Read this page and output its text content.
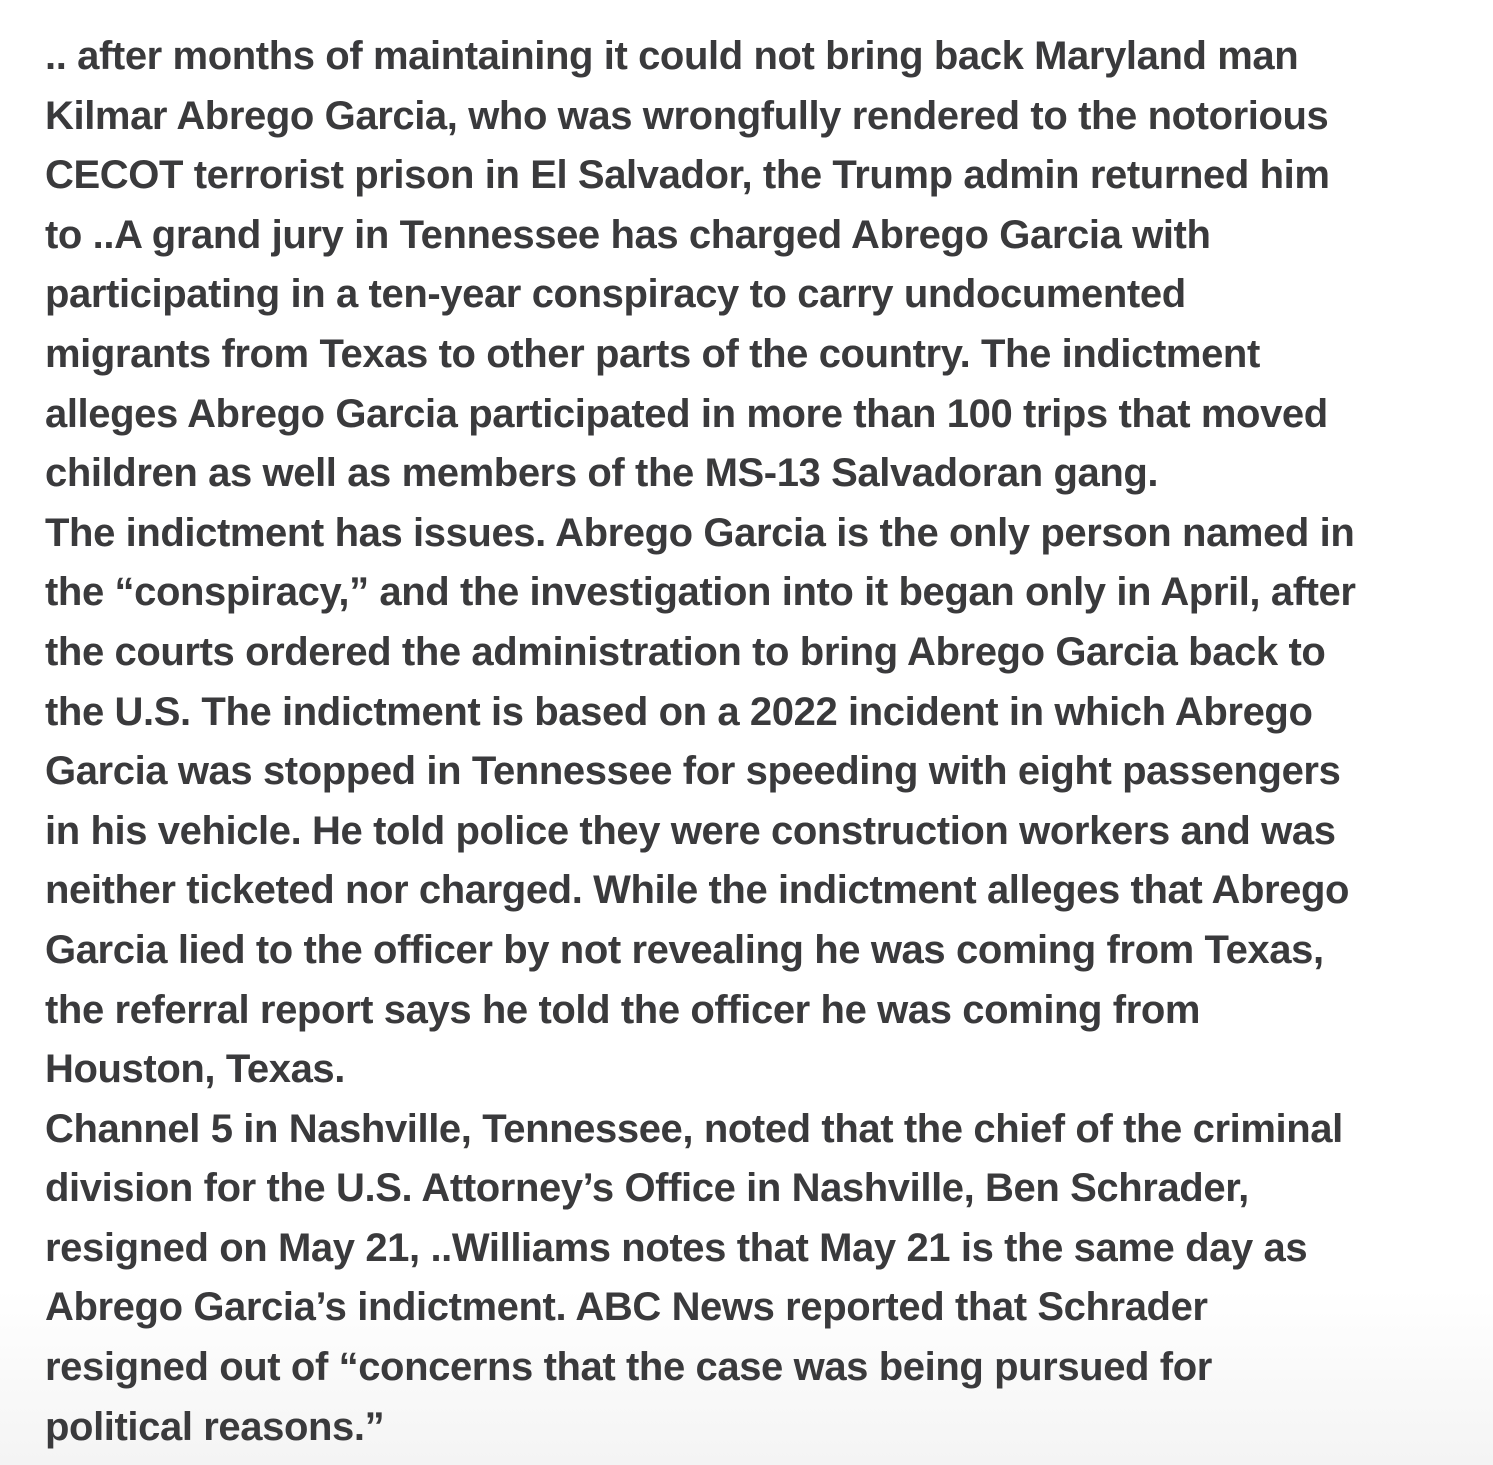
.. after months of maintaining it could not bring back Maryland man
Kilmar Abrego Garcia, who was wrongfully rendered to the notorious
CECOT terrorist prison in El Salvador, the Trump admin returned him
to ..A grand jury in Tennessee has charged Abrego Garcia with
participating in a ten-year conspiracy to carry undocumented
migrants from Texas to other parts of the country. The indictment
alleges Abrego Garcia participated in more than 100 trips that moved
children as well as members of the MS-13 Salvadoran gang.
The indictment has issues. Abrego Garcia is the only person named in
the “conspiracy,” and the investigation into it began only in April, after
the courts ordered the administration to bring Abrego Garcia back to
the U.S. The indictment is based on a 2022 incident in which Abrego
Garcia was stopped in Tennessee for speeding with eight passengers
in his vehicle. He told police they were construction workers and was
neither ticketed nor charged. While the indictment alleges that Abrego
Garcia lied to the officer by not revealing he was coming from Texas,
the referral report says he told the officer he was coming from
Houston, Texas.
Channel 5 in Nashville, Tennessee, noted that the chief of the criminal
division for the U.S. Attorney’s Office in Nashville, Ben Schrader,
resigned on May 21, ..Williams notes that May 21 is the same day as
Abrego Garcia’s indictment. ABC News reported that Schrader
resigned out of “concerns that the case was being pursued for
political reasons.”
